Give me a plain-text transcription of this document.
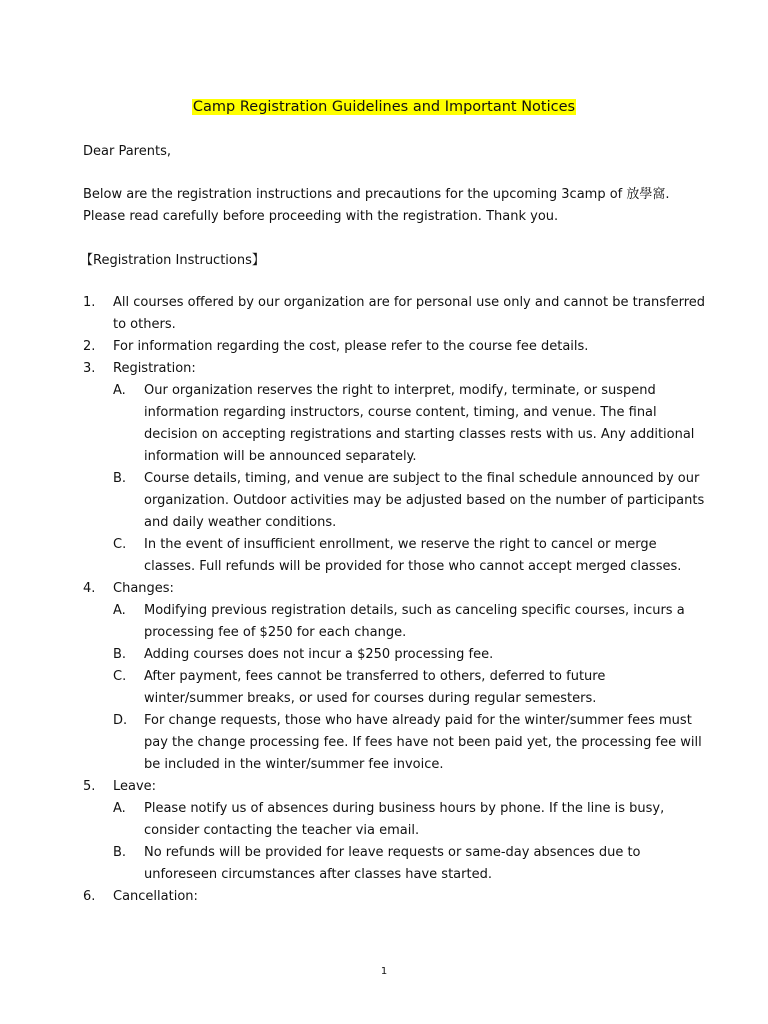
Camp Registration Guidelines and Important Notices
Dear Parents,
Below are the registration instructions and precautions for the upcoming 3camp of 放學窩.
Please read carefully before proceeding with the registration. Thank you.
【Registration Instructions】
1. All courses offered by our organization are for personal use only and cannot be transferred
to others.
2. For information regarding the cost, please refer to the course fee details.
3. Registration:
A. Our organization reserves the right to interpret, modify, terminate, or suspend
information regarding instructors, course content, timing, and venue. The final
decision on accepting registrations and starting classes rests with us. Any additional
information will be announced separately.
B. Course details, timing, and venue are subject to the final schedule announced by our
organization. Outdoor activities may be adjusted based on the number of participants
and daily weather conditions.
C. In the event of insufficient enrollment, we reserve the right to cancel or merge
classes. Full refunds will be provided for those who cannot accept merged classes.
4. Changes:
A. Modifying previous registration details, such as canceling specific courses, incurs a
processing fee of $250 for each change.
B. Adding courses does not incur a $250 processing fee.
C. After payment, fees cannot be transferred to others, deferred to future
winter/summer breaks, or used for courses during regular semesters.
D. For change requests, those who have already paid for the winter/summer fees must
pay the change processing fee. If fees have not been paid yet, the processing fee will
be included in the winter/summer fee invoice.
5. Leave:
A. Please notify us of absences during business hours by phone. If the line is busy,
consider contacting the teacher via email.
B. No refunds will be provided for leave requests or same-day absences due to
unforeseen circumstances after classes have started.
6. Cancellation:
1
